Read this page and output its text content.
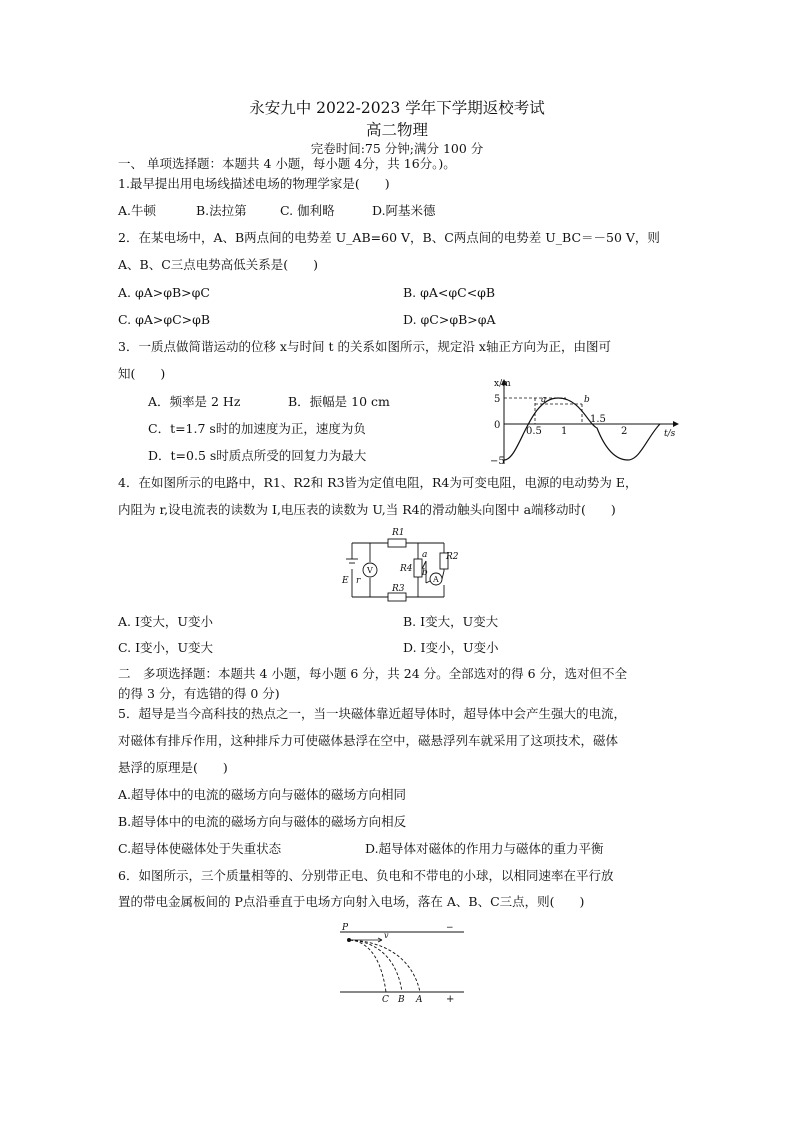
永安九中 2022-2023 学年下学期返校考试
高二物理
完卷时间:75 分钟;满分 100 分
一、 单项选择题：本题共 4 小题，每小题 4分，共 16分。)。
1.最早提出用电场线描述电场的物理学家是(　　)
A.牛顿	B.法拉第	C. 伽利略	D.阿基米德
2．在某电场中，A、B两点间的电势差 U_AB=60 V，B、C两点间的电势差 U_BC＝－50 V，则
A、B、C三点电势高低关系是(　　)
A. φA>φB>φC	B. φA<φC<φB
C. φA>φC>φB	D. φC>φB>φA
3．一质点做简谐运动的位移 x与时间 t 的关系如图所示，规定沿 x轴正方向为正，由图可
知(　　)
A．频率是 2 Hz	B．振幅是 10 cm
C．t=1.7 s时的加速度为正，速度为负
D．t=0.5 s时质点所受的回复力为最大
x/m
t/s
5
0
−5
0.5 1
1.5
2
a	b
4．在如图所示的电路中，R1、R2和 R3皆为定值电阻，R4为可变电阻，电源的电动势为 E，
内阻为 r,设电流表的读数为 I,电压表的读数为 U,当 R4的滑动触头向图中 a端移动时(　　)
R1
R2
R3
R4
a
b
E r
V
A
A. I变大，U变小	B. I变大，U变大
C. I变小，U变大	D. I变小，U变小
二　多项选择题：本题共 4 小题，每小题 6 分，共 24 分。全部选对的得 6 分，选对但不全
的得 3 分，有选错的得 0 分)
5．超导是当今高科技的热点之一，当一块磁体靠近超导体时，超导体中会产生强大的电流，
对磁体有排斥作用，这种排斥力可使磁体悬浮在空中，磁悬浮列车就采用了这项技术，磁体
悬浮的原理是(　　)
A.超导体中的电流的磁场方向与磁体的磁场方向相同
B.超导体中的电流的磁场方向与磁体的磁场方向相反
C.超导体使磁体处于失重状态	D.超导体对磁体的作用力与磁体的重力平衡
6．如图所示，三个质量相等的、分别带正电、负电和不带电的小球，以相同速率在平行放
置的带电金属板间的 P点沿垂直于电场方向射入电场，落在 A、B、C三点，则(　　)
P
v
−
+
C B A
